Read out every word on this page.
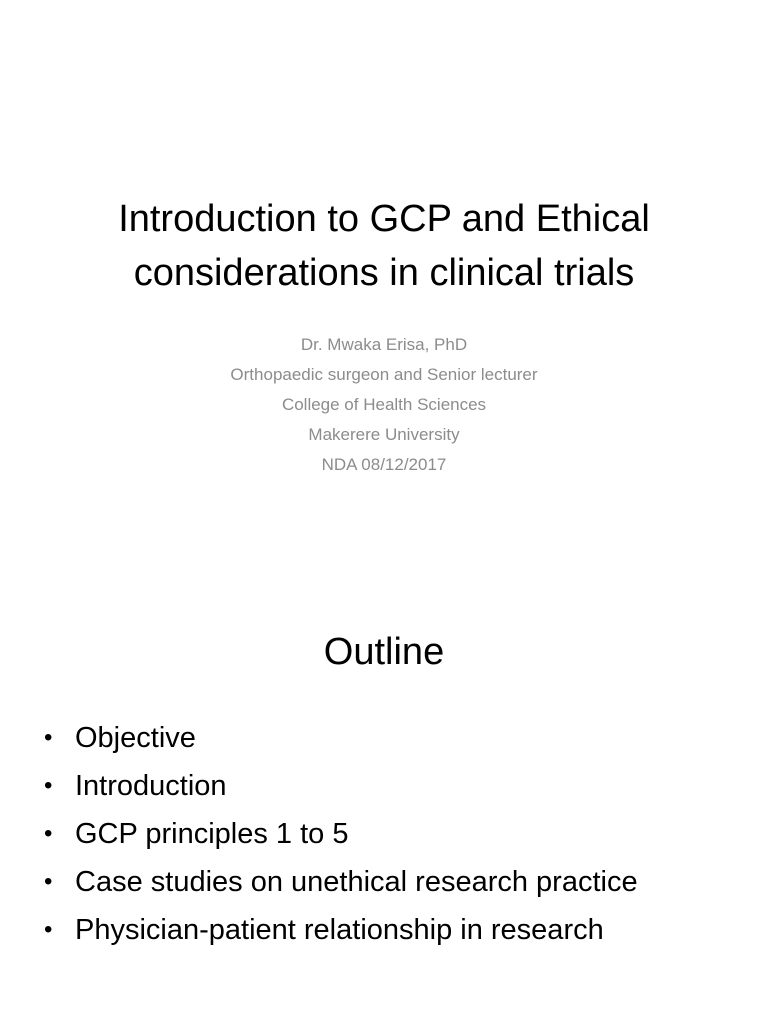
Introduction to GCP and Ethical
considerations in clinical trials
Dr. Mwaka Erisa, PhD
Orthopaedic surgeon and Senior lecturer
College of Health Sciences
Makerere University
NDA 08/12/2017
Outline
• Objective
• Introduction
• GCP principles 1 to 5
• Case studies on unethical research practice
• Physician-patient relationship in research
